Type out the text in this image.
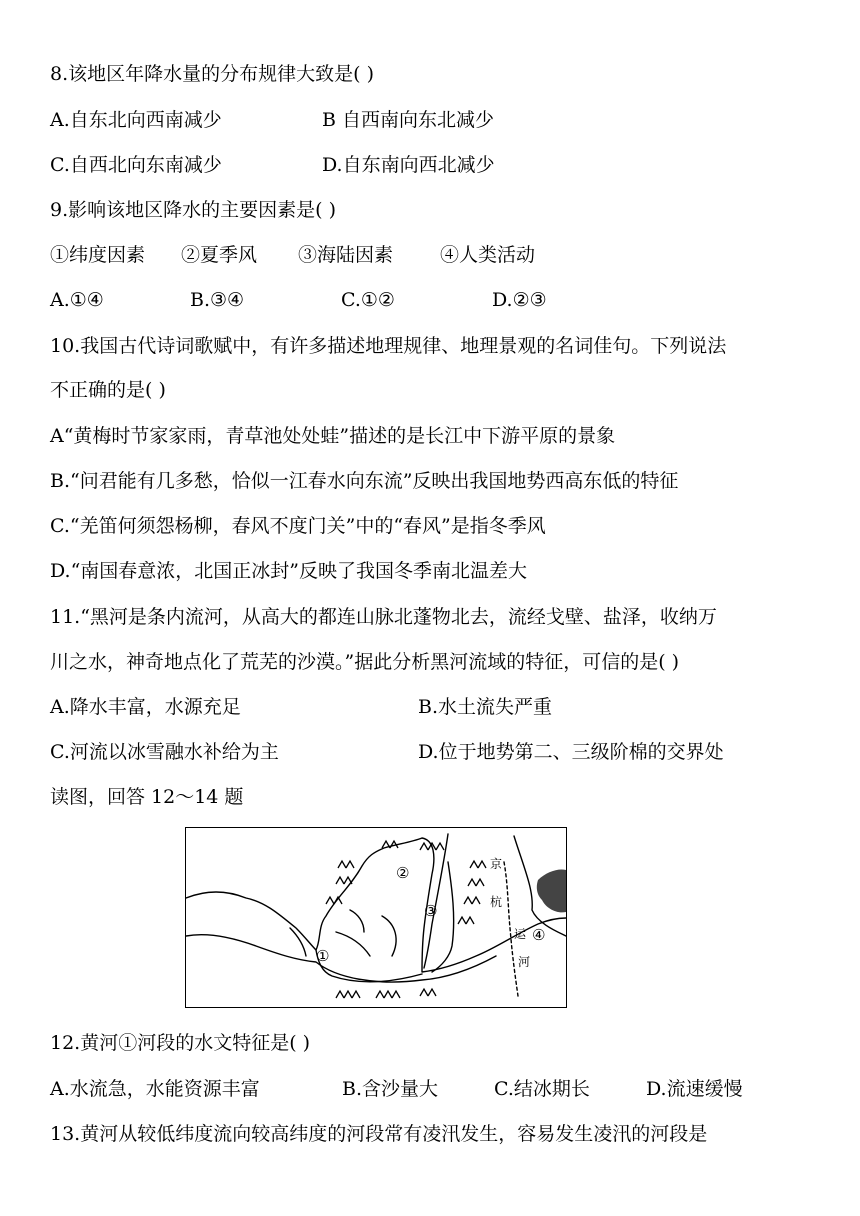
8.该地区年降水量的分布规律大致是( )
A.自东北向西南减少	B 自西南向东北减少
C.自西北向东南减少	D.自东南向西北减少
9.影响该地区降水的主要因素是( )
①纬度因素 ②夏季风 ③海陆因素 ④人类活动
A.①④	B.③④	C.①②	D.②③
10.我国古代诗词歌赋中，有许多描述地理规律、地理景观的名词佳句。下列说法
不正确的是( )
A“黄梅时节家家雨，青草池处处蛙”描述的是长江中下游平原的景象
B.“问君能有几多愁，恰似一江春水向东流”反映出我国地势西高东低的特征
C.“羌笛何须怨杨柳，春风不度门关”中的“春风”是指冬季风
D.“南国春意浓，北国正冰封”反映了我国冬季南北温差大
11.“黑河是条内流河，从高大的都连山脉北蓬物北去，流经戈壁、盐泽，收纳万
川之水，神奇地点化了荒芜的沙漠。”据此分析黑河流域的特征，可信的是( )
A.降水丰富，水源充足	B.水土流失严重
C.河流以冰雪融水补给为主	D.位于地势第二、三级阶棉的交界处
读图，回答 12～14 题
①
②
③
④
京
杭
运
河
12.黄河①河段的水文特征是( )
A.水流急，水能资源丰富	B.含沙量大	C.结冰期长	D.流速缓慢
13.黄河从较低纬度流向较高纬度的河段常有凌汛发生，容易发生凌汛的河段是
